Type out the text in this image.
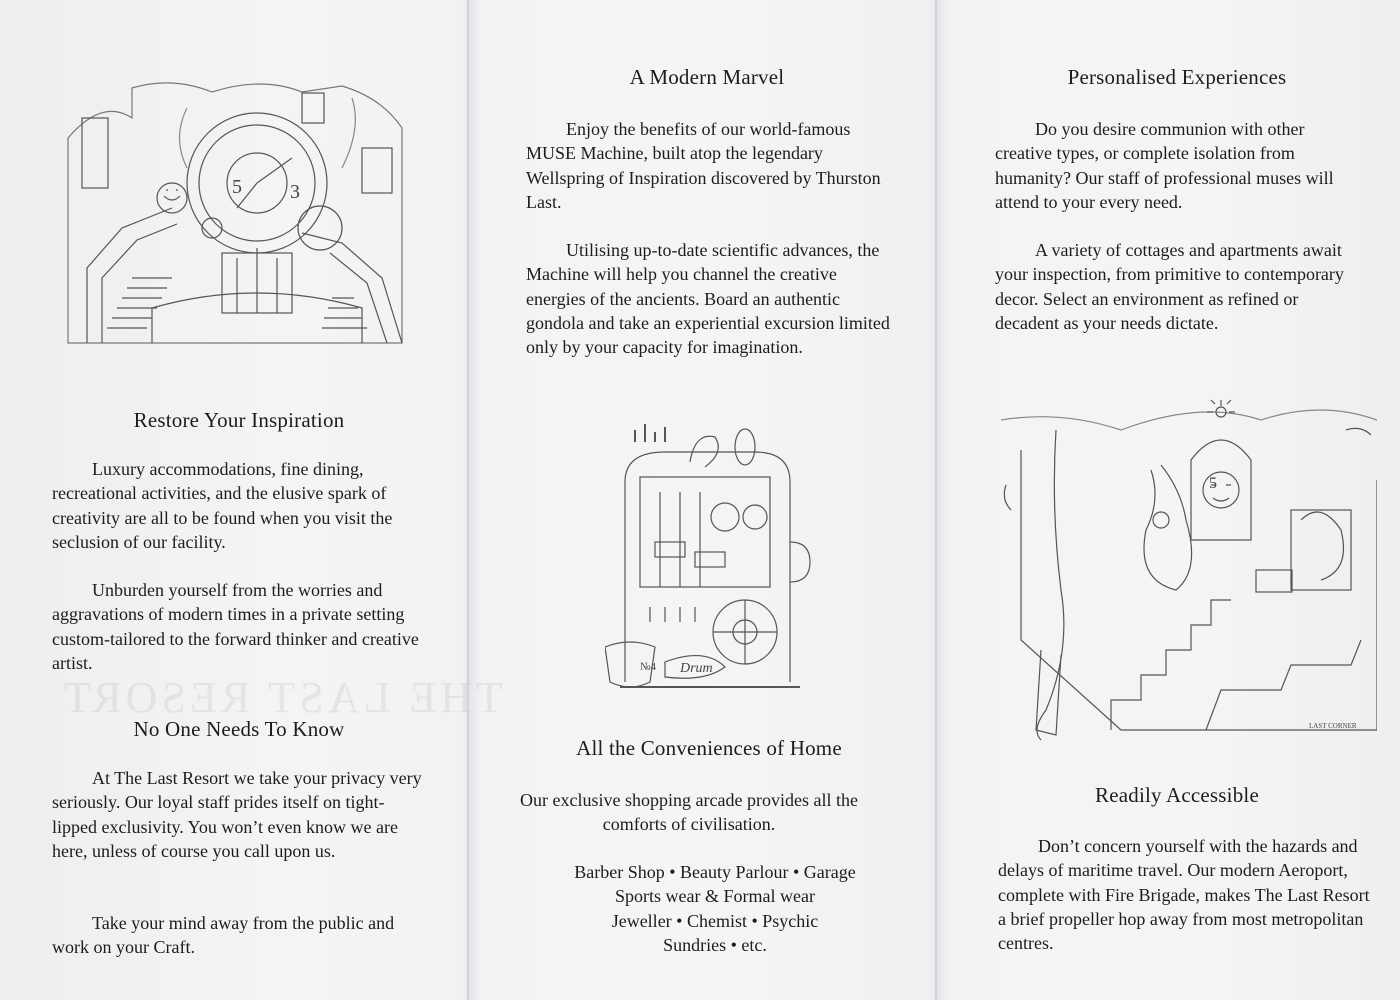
THE LAST RESORT
5 3
Restore Your Inspiration

Luxury accommodations, fine dining, recreational activities, and the elusive spark of creativity are all to be found when you visit the seclusion of our facility.

Unburden yourself from the worries and aggravations of modern times in a private setting custom-tailored to the forward thinker and creative artist.

No One Needs To Know

At The Last Resort we take your privacy very seriously. Our loyal staff prides itself on tight-lipped exclusivity. You won’t even know we are here, unless of course you call upon us.

Take your mind away from the public and work on your Craft.

A Modern Marvel

Enjoy the benefits of our world-famous MUSE Machine, built atop the legendary Wellspring of Inspiration discovered by Thurston Last.

Utilising up-to-date scientific advances, the Machine will help you channel the creative energies of the ancients. Board an authentic gondola and take an experiential excursion limited only by your capacity for imagination.

№4 Drum
All the Conveniences of Home

Our exclusive shopping arcade provides all the comforts of civilisation.

Barber Shop • Beauty Parlour • Garage
Sports wear & Formal wear
Jeweller • Chemist • Psychic
Sundries • etc.
Personalised Experiences

Do you desire communion with other creative types, or complete isolation from humanity? Our staff of professional muses will attend to your every need.

A variety of cottages and apartments await your inspection, from primitive to contemporary decor. Select an environment as refined or decadent as your needs dictate.

5
LAST CORNER
Readily Accessible

Don’t concern yourself with the hazards and delays of maritime travel. Our modern Aeroport, complete with Fire Brigade, makes The Last Resort a brief propeller hop away from most metropolitan centres.
